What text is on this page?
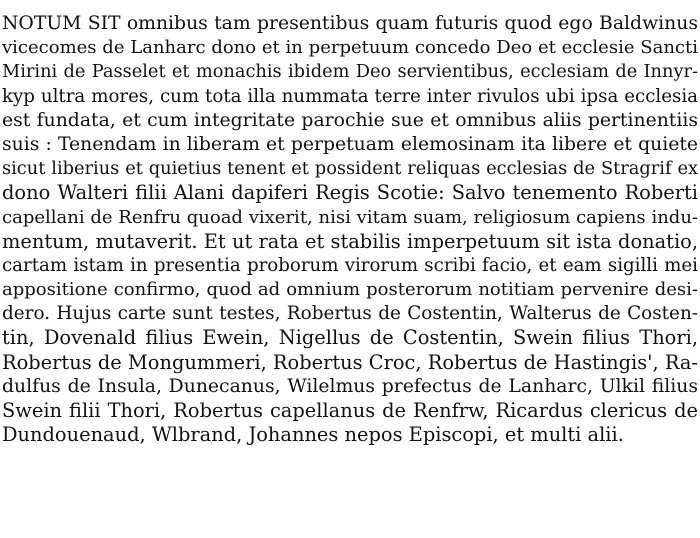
NOTUM SIT omnibus tam presentibus quam futuris quod ego Baldwinus
vicecomes de Lanharc dono et in perpetuum concedo Deo et ecclesie Sancti
Mirini de Passelet et monachis ibidem Deo servientibus, ecclesiam de Innyr-
kyp ultra mores, cum tota illa nummata terre inter rivulos ubi ipsa ecclesia
est fundata, et cum integritate parochie sue et omnibus aliis pertinentiis
suis : Tenendam in liberam et perpetuam elemosinam ita libere et quiete
sicut liberius et quietius tenent et possident reliquas ecclesias de Stragrif ex
dono Walteri filii Alani dapiferi Regis Scotie: Salvo tenemento Roberti
capellani de Renfru quoad vixerit, nisi vitam suam, religiosum capiens indu-
mentum, mutaverit. Et ut rata et stabilis imperpetuum sit ista donatio,
cartam istam in presentia proborum virorum scribi facio, et eam sigilli mei
appositione confirmo, quod ad omnium posterorum notitiam pervenire desi-
dero. Hujus carte sunt testes, Robertus de Costentin, Walterus de Costen-
tin, Dovenald filius Ewein, Nigellus de Costentin, Swein filius Thori,
Robertus de Mongummeri, Robertus Croc, Robertus de Hastingis', Ra-
dulfus de Insula, Dunecanus, Wilelmus prefectus de Lanharc, Ulkil filius
Swein filii Thori, Robertus capellanus de Renfrw, Ricardus clericus de
Dundouenaud, Wlbrand, Johannes nepos Episcopi, et multi alii.
